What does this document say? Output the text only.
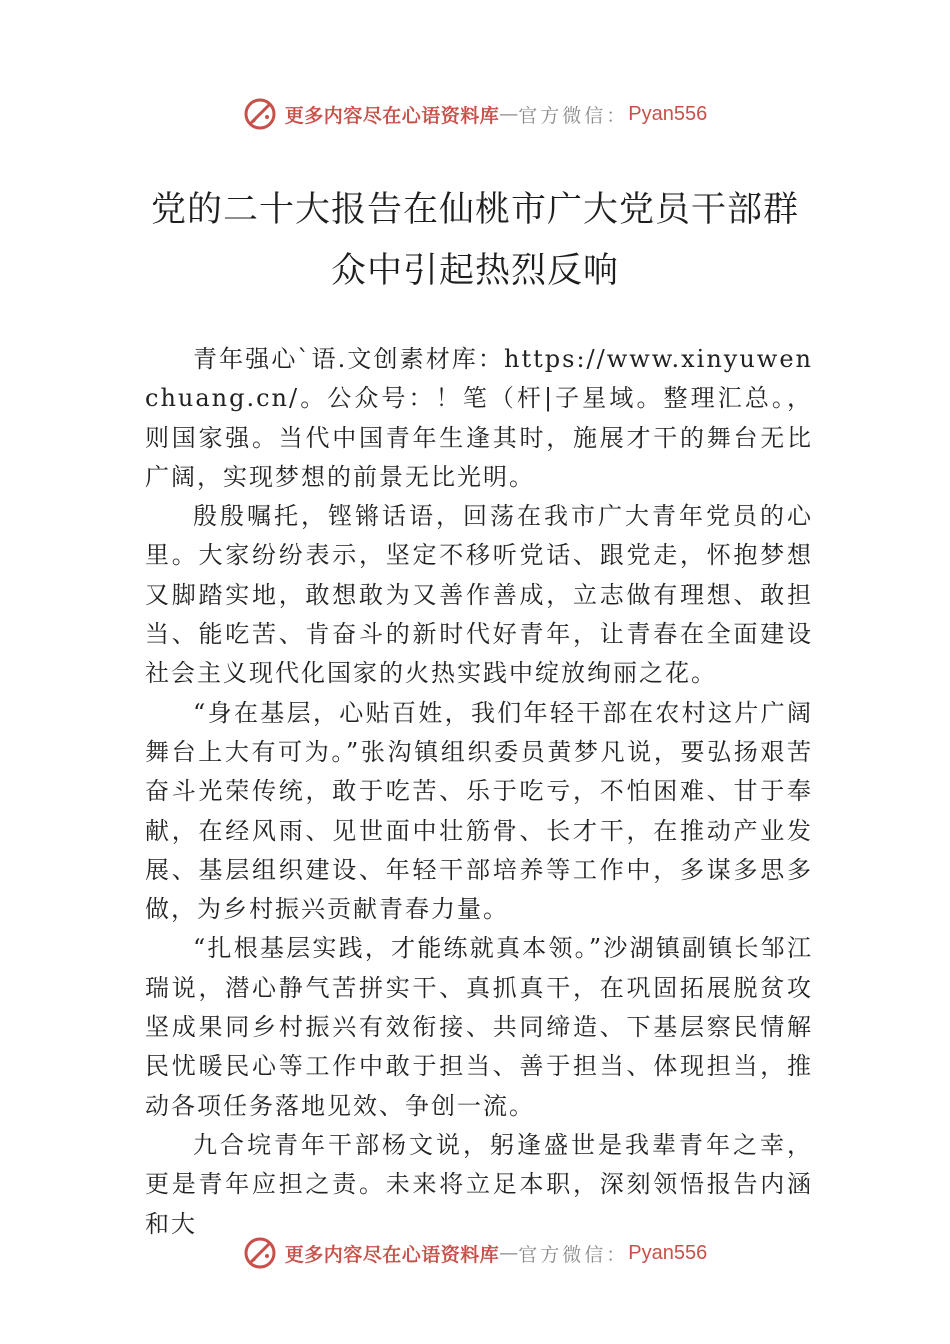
更多内容尽在心语资料库 — 官方微信： Pyan556
党的二十大报告在仙桃市广大党员干部群
众中引起热烈反响

青年强心`语.文创素材库：https://www.xinyuwenchuang.cn/。公众号：！笔（杆|子星域。整理汇总。，则国家强。当代中国青年生逢其时，施展才干的舞台无比广阔，实现梦想的前景无比光明。

殷殷嘱托，铿锵话语，回荡在我市广大青年党员的心里。大家纷纷表示，坚定不移听党话、跟党走，怀抱梦想又脚踏实地，敢想敢为又善作善成，立志做有理想、敢担当、能吃苦、肯奋斗的新时代好青年，让青春在全面建设社会主义现代化国家的火热实践中绽放绚丽之花。

“身在基层，心贴百姓，我们年轻干部在农村这片广阔舞台上大有可为。”张沟镇组织委员黄梦凡说，要弘扬艰苦奋斗光荣传统，敢于吃苦、乐于吃亏，不怕困难、甘于奉献，在经风雨、见世面中壮筋骨、长才干，在推动产业发展、基层组织建设、年轻干部培养等工作中，多谋多思多做，为乡村振兴贡献青春力量。

“扎根基层实践，才能练就真本领。”沙湖镇副镇长邹江瑞说，潜心静气苦拼实干、真抓真干，在巩固拓展脱贫攻坚成果同乡村振兴有效衔接、共同缔造、下基层察民情解民忧暖民心等工作中敢于担当、善于担当、体现担当，推动各项任务落地见效、争创一流。

九合垸青年干部杨文说，躬逢盛世是我辈青年之幸，更是青年应担之责。未来将立足本职，深刻领悟报告内涵和大

更多内容尽在心语资料库 — 官方微信： Pyan556
